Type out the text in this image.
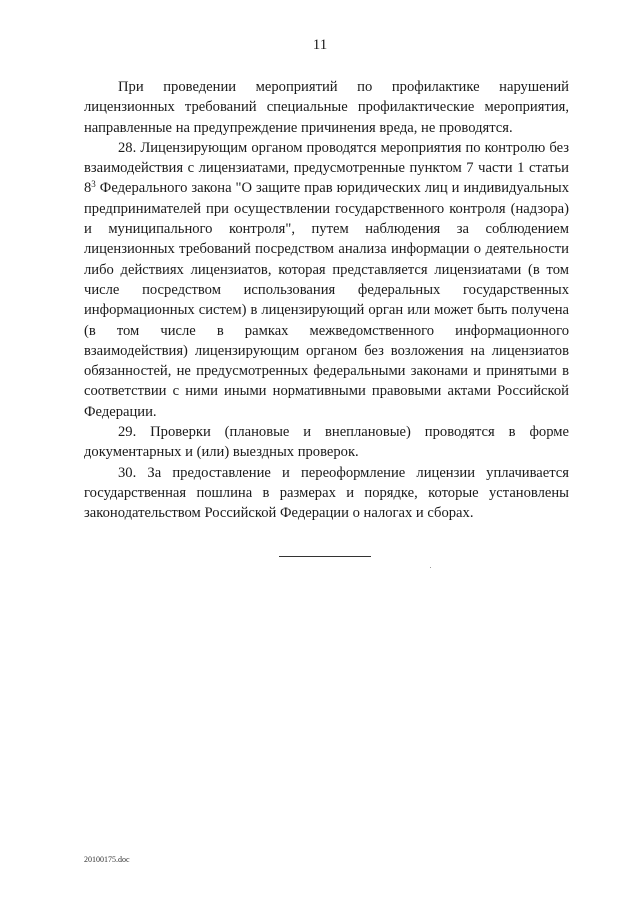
11

При проведении мероприятий по профилактике нарушений лицензионных требований специальные профилактические мероприятия, направленные на предупреждение причинения вреда, не проводятся.

28. Лицензирующим органом проводятся мероприятия по контролю без взаимодействия с лицензиатами, предусмотренные пунктом 7 части 1 статьи $8^3$ Федерального закона "О защите прав юридических лиц и индивидуальных предпринимателей при осуществлении государственного контроля (надзора) и муниципального контроля", путем наблюдения за соблюдением лицензионных требований посредством анализа информации о деятельности либо действиях лицензиатов, которая представляется лицензиатами (в том числе посредством использования федеральных государственных информационных систем) в лицензирующий орган или может быть получена (в том числе в рамках межведомственного информационного взаимодействия) лицензирующим органом без возложения на лицензиатов обязанностей, не предусмотренных федеральными законами и принятыми в соответствии с ними иными нормативными правовыми актами Российской Федерации.

29. Проверки (плановые и внеплановые) проводятся в форме документарных и (или) выездных проверок.

30. За предоставление и переоформление лицензии уплачивается государственная пошлина в размерах и порядке, которые установлены законодательством Российской Федерации о налогах и сборах.

20100175.doc
